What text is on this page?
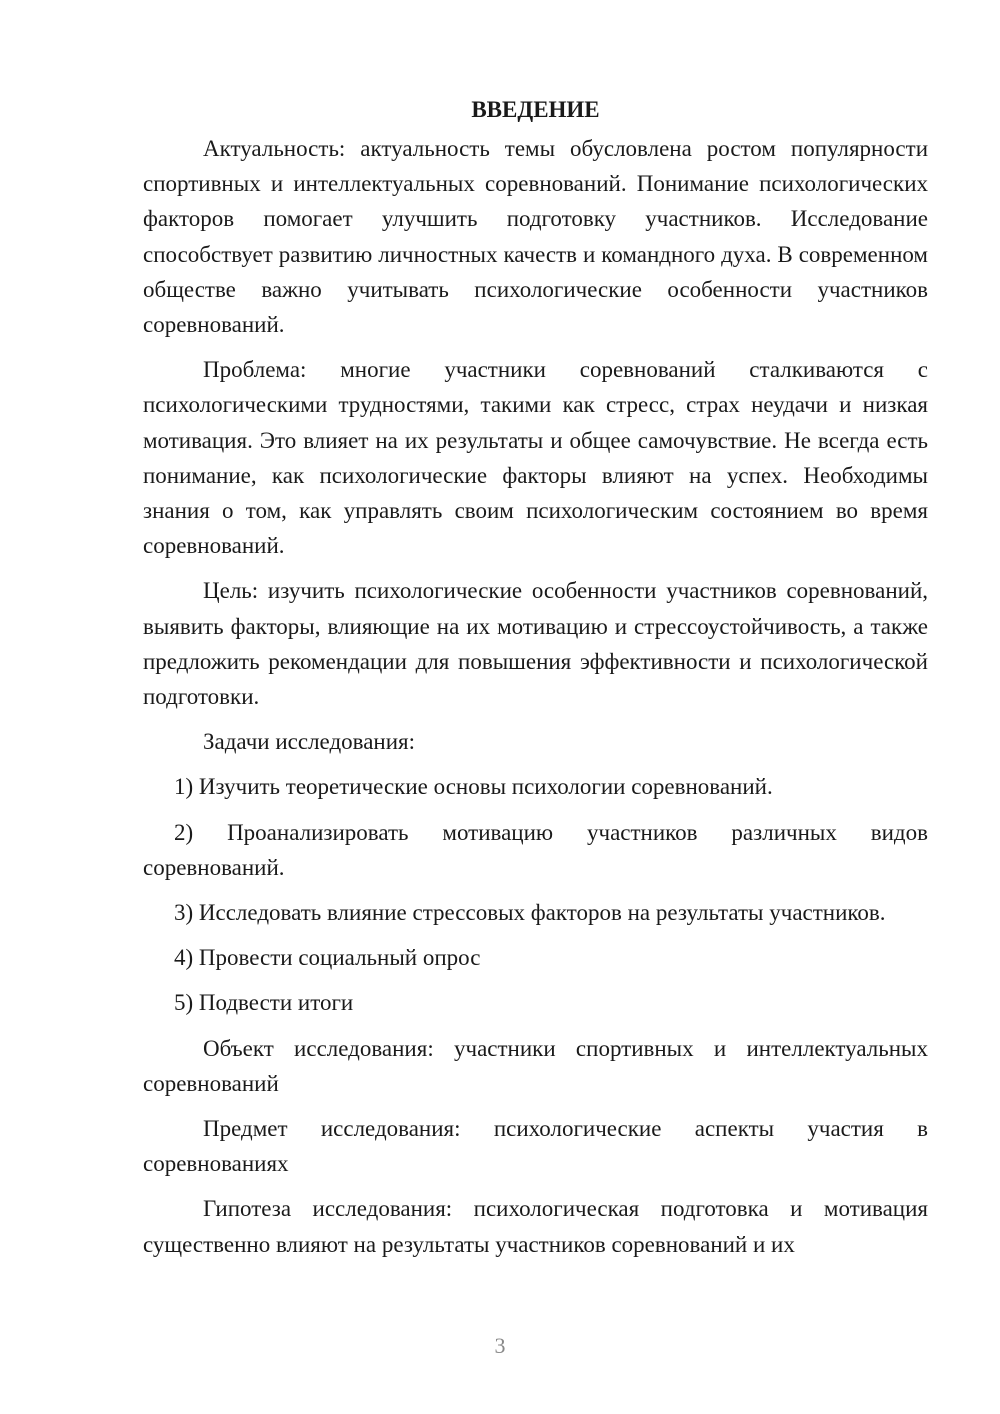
ВВЕДЕНИЕ

Актуальность: актуальность темы обусловлена ростом популярности спортивных и интеллектуальных соревнований. Понимание психологических факторов помогает улучшить подготовку участников. Исследование способствует развитию личностных качеств и командного духа. В современном обществе важно учитывать психологические особенности участников соревнований.

Проблема: многие участники соревнований сталкиваются с психологическими трудностями, такими как стресс, страх неудачи и низкая мотивация. Это влияет на их результаты и общее самочувствие. Не всегда есть понимание, как психологические факторы влияют на успех. Необходимы знания о том, как управлять своим психологическим состоянием во время соревнований.

Цель: изучить психологические особенности участников соревнований, выявить факторы, влияющие на их мотивацию и стрессоустойчивость, а также предложить рекомендации для повышения эффективности и психологической подготовки.

Задачи исследования:

1) Изучить теоретические основы психологии соревнований.

2) Проанализировать мотивацию участников различных видов соревнований.

3) Исследовать влияние стрессовых факторов на результаты участников.

4) Провести социальный опрос

5) Подвести итоги

Объект исследования: участники спортивных и интеллектуальных соревнований

Предмет исследования: психологические аспекты участия в соревнованиях

Гипотеза исследования: психологическая подготовка и мотивация существенно влияют на результаты участников соревнований и их

3
